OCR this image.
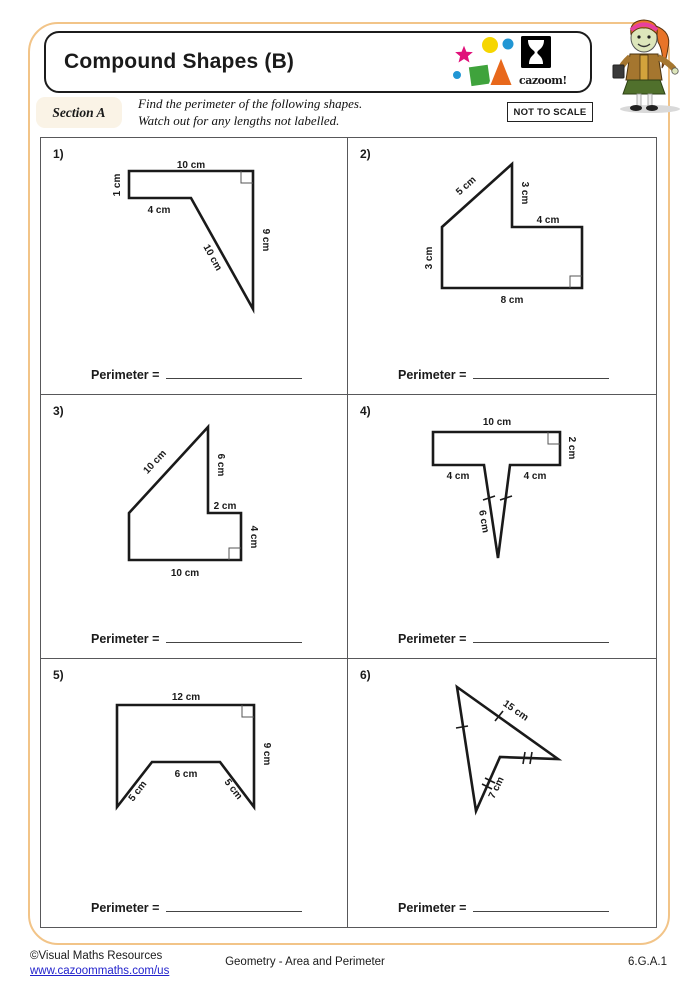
Compound Shapes (B)
cazoom!
Section A
Find the perimeter of the following shapes.
Watch out for any lengths not labelled.
NOT TO SCALE
1)
10 cm
1 cm
4 cm
10 cm
9 cm
Perimeter =
2)
5 cm	3 cm
4 cm
3 cm
8 cm
Perimeter =
3)
10 cm	6 cm
2 cm
4 cm
10 cm
Perimeter =
4)
10 cm
2 cm
4 cm	4 cm
6 cm
Perimeter =
5)
12 cm
9 cm
6 cm
5 cm	5 cm
Perimeter =
6)
15 cm
7 cm
Perimeter =
©Visual Maths Resources
www.cazoommaths.com/us
Geometry - Area and Perimeter	6.G.A.1
